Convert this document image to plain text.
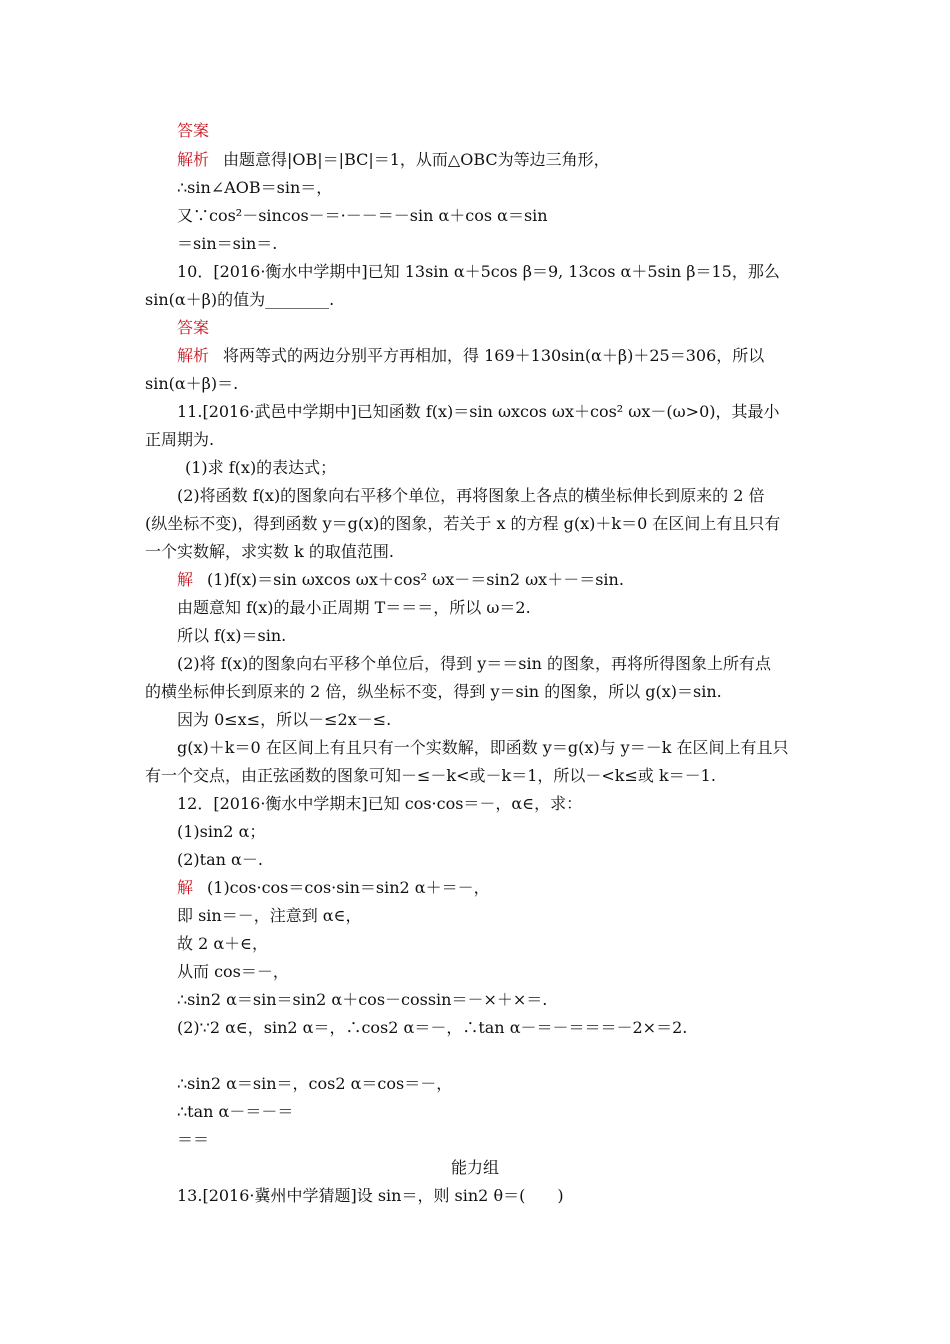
答案
解析 由题意得|OB|＝|BC|＝1，从而△OBC为等边三角形，
∴sin∠AOB＝sin＝，
又∵cos²－sincos－＝·－－＝－sin α＋cos α＝sin
＝sin＝sin＝.
10．[2016·衡水中学期中]已知 13sin α＋5cos β＝9, 13cos α＋5sin β＝15，那么
sin(α＋β)的值为________.
答案
解析 将两等式的两边分别平方再相加，得 169＋130sin(α＋β)＋25＝306，所以
sin(α＋β)＝.
11.[2016·武邑中学期中]已知函数 f(x)＝sin ωxcos ωx＋cos² ωx－(ω>0)，其最小
正周期为.
(1)求 f(x)的表达式；
(2)将函数 f(x)的图象向右平移个单位，再将图象上各点的横坐标伸长到原来的 2 倍
(纵坐标不变)，得到函数 y＝g(x)的图象，若关于 x 的方程 g(x)＋k＝0 在区间上有且只有
一个实数解，求实数 k 的取值范围.
解 (1)f(x)＝sin ωxcos ωx＋cos² ωx－＝sin2 ωx＋－＝sin.
由题意知 f(x)的最小正周期 T＝＝＝，所以 ω＝2.
所以 f(x)＝sin.
(2)将 f(x)的图象向右平移个单位后，得到 y＝＝sin 的图象，再将所得图象上所有点
的横坐标伸长到原来的 2 倍，纵坐标不变，得到 y＝sin 的图象，所以 g(x)＝sin.
因为 0≤x≤，所以－≤2x－≤.
g(x)＋k＝0 在区间上有且只有一个实数解，即函数 y＝g(x)与 y＝－k 在区间上有且只
有一个交点，由正弦函数的图象可知－≤－k<或－k＝1，所以－<k≤或 k＝－1.
12．[2016·衡水中学期末]已知 cos·cos＝－，α∈，求：
(1)sin2 α；
(2)tan α－.
解 (1)cos·cos＝cos·sin＝sin2 α＋＝－，
即 sin＝－，注意到 α∈，
故 2 α＋∈，
从而 cos＝－，
∴sin2 α＝sin＝sin2 α＋cos－cossin＝－×＋×＝.
(2)∵2 α∈，sin2 α＝，∴cos2 α＝－，∴tan α－＝－＝＝＝－2×＝2.
∴sin2 α＝sin＝，cos2 α＝cos＝－，
∴tan α－＝－＝
＝＝
能力组
13.[2016·冀州中学猜题]设 sin＝，则 sin2 θ＝(　　)
